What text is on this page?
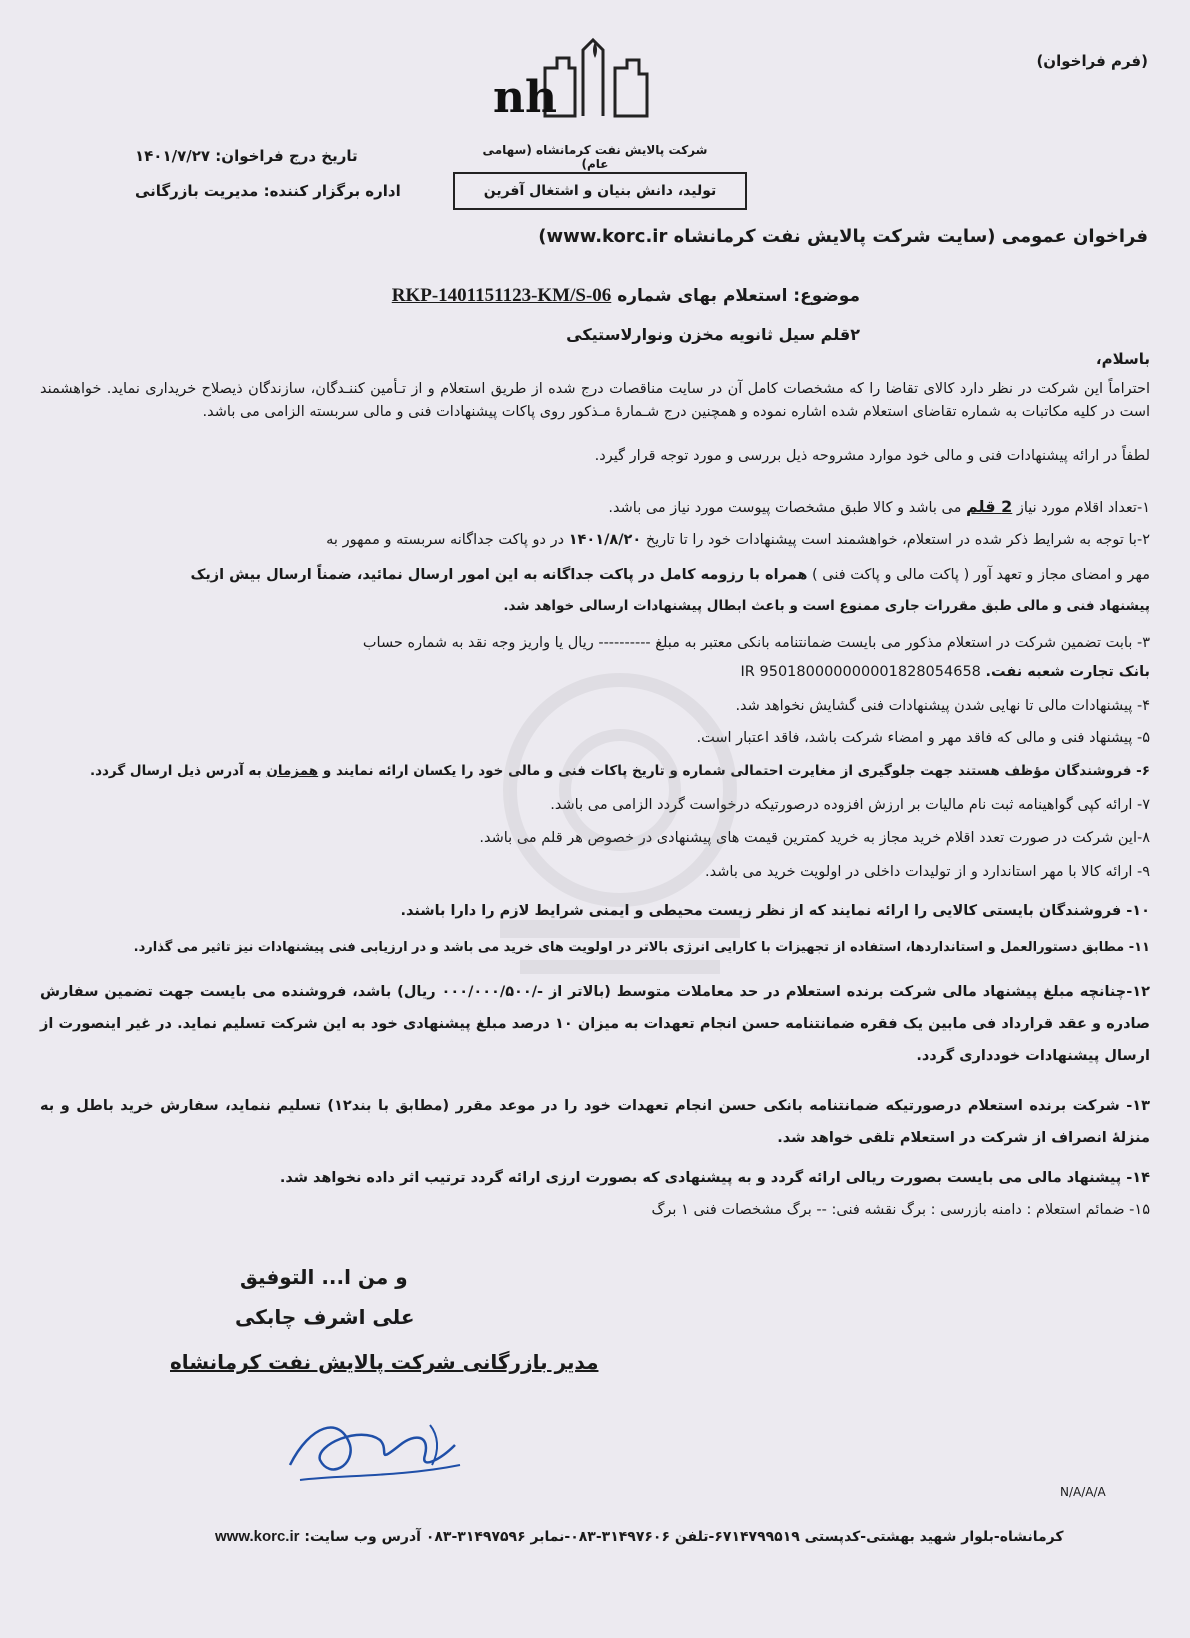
(فرم فراخوان)
nh
شرکت پالایش نفت کرمانشاه (سهامی عام)
تولید، دانش بنیان و اشتغال آفرین
تاریخ درج فراخوان: ۱۴۰۱/۷/۲۷
اداره برگزار کننده: مدیریت بازرگانی
فراخوان عمومی (سایت شرکت پالایش نفت کرمانشاه www.korc.ir)
موضوع: استعلام بهای شماره RKP-1401151123-KM/S-06
۲قلم سیل ثانویه مخزن ونوارلاستیکی
باسلام،
احتراماً این شرکت در نظر دارد کالای تقاضا را که مشخصات کامل آن در سایت مناقصات درج شده از طریق استعلام و از تـأمین کننـدگان، سازندگان ذیصلاح خریداری نماید. خواهشمند است در کلیه مکاتبات به شماره تقاضای استعلام شده اشاره نموده و همچنین درج شـمارۀ مـذکور روی پاکات پیشنهادات فنی و مالی سربسته الزامی می باشد.
لطفاً در ارائه پیشنهادات فنی و مالی خود موارد مشروحه ذیل بررسی و مورد توجه قرار گیرد.
۱-تعداد اقلام مورد نیاز 2 قلم می باشد و کالا طبق مشخصات پیوست مورد نیاز می باشد.
۲-با توجه به شرایط ذکر شده در استعلام، خواهشمند است پیشنهادات خود را تا تاریخ ۱۴۰۱/۸/۲۰ در دو پاکت جداگانه سربسته و ممهور به
مهر و امضای مجاز و تعهد آور ( پاکت مالی و پاکت فنی ) همراه با رزومه کامل در پاکت جداگانه به این امور ارسال نمائید، ضمناً ارسال بیش ازیک
پیشنهاد فنی و مالی طبق مقررات جاری ممنوع است و باعث ابطال پیشنهادات ارسالی خواهد شد.
۳- بابت تضمین شرکت در استعلام مذکور می بایست ضمانتنامه بانکی معتبر به مبلغ ---------- ریال یا واریز وجه نقد به شماره حساب
بانک تجارت شعبه نفت. IR 950180000000001828054658
۴- پیشنهادات مالی تا نهایی شدن پیشنهادات فنی گشایش نخواهد شد.
۵- پیشنهاد فنی و مالی که فاقد مهر و امضاء شرکت باشد، فاقد اعتبار است.
۶- فروشندگان مؤظف هستند جهت جلوگیری از مغایرت احتمالی شماره و تاریخ پاکات فنی و مالی خود را یکسان ارائه نمایند و همزمان به آدرس ذیل ارسال گردد.
۷- ارائه کپی گواهینامه ثبت نام مالیات بر ارزش افزوده درصورتیکه درخواست گردد الزامی می باشد.
۸-این شرکت در صورت تعدد اقلام خرید مجاز به خرید کمترین قیمت های پیشنهادی در خصوص هر قلم می باشد.
۹- ارائه کالا با مهر استاندارد و از تولیدات داخلی در اولویت خرید می باشد.
۱۰- فروشندگان بایستی کالایی را ارائه نمایند که از نظر زیست محیطی و ایمنی شرایط لازم را دارا باشند.
۱۱- مطابق دستورالعمل و استانداردها، استفاده از تجهیزات با کارایی انرژی بالاتر در اولویت های خرید می باشد و در ارزیابی فنی پیشنهادات نیز تاثیر می گذارد.
۱۲-چنانچه مبلغ پیشنهاد مالی شرکت برنده استعلام در حد معاملات متوسط (بالاتر از -/۰۰۰/۰۰۰/۵۰۰ ریال) باشد، فروشنده می بایست جهت تضمین سفارش صادره و عقد قرارداد فی مابین یک فقره ضمانتنامه حسن انجام تعهدات به میزان ۱۰ درصد مبلغ پیشنهادی خود به این شرکت تسلیم نماید. در غیر اینصورت از ارسال پیشنهادات خودداری گردد.
۱۳- شرکت برنده استعلام درصورتیکه ضمانتنامه بانکی حسن انجام تعهدات خود را در موعد مقرر (مطابق با بند۱۲) تسلیم ننماید، سفارش خرید باطل و به منزلۀ انصراف از شرکت در استعلام تلقی خواهد شد.
۱۴- پیشنهاد مالی می بایست بصورت ریالی ارائه گردد و به پیشنهادی که بصورت ارزی ارائه گردد ترتیب اثر داده نخواهد شد.
۱۵- ضمائم استعلام : دامنه بازرسی : برگ نقشه فنی: -- برگ مشخصات فنی ۱ برگ
و من ا... التوفیق
علی اشرف چابکی
مدیر بازرگانی شرکت پالایش نفت کرمانشاه
N/A/A/A
کرمانشاه-بلوار شهید بهشتی-کدپستی ۶۷۱۴۷۹۹۵۱۹-تلفن ۳۱۴۹۷۶۰۶-۰۸۳-نمابر ۳۱۴۹۷۵۹۶-۰۸۳ آدرس وب سایت: www.korc.ir
